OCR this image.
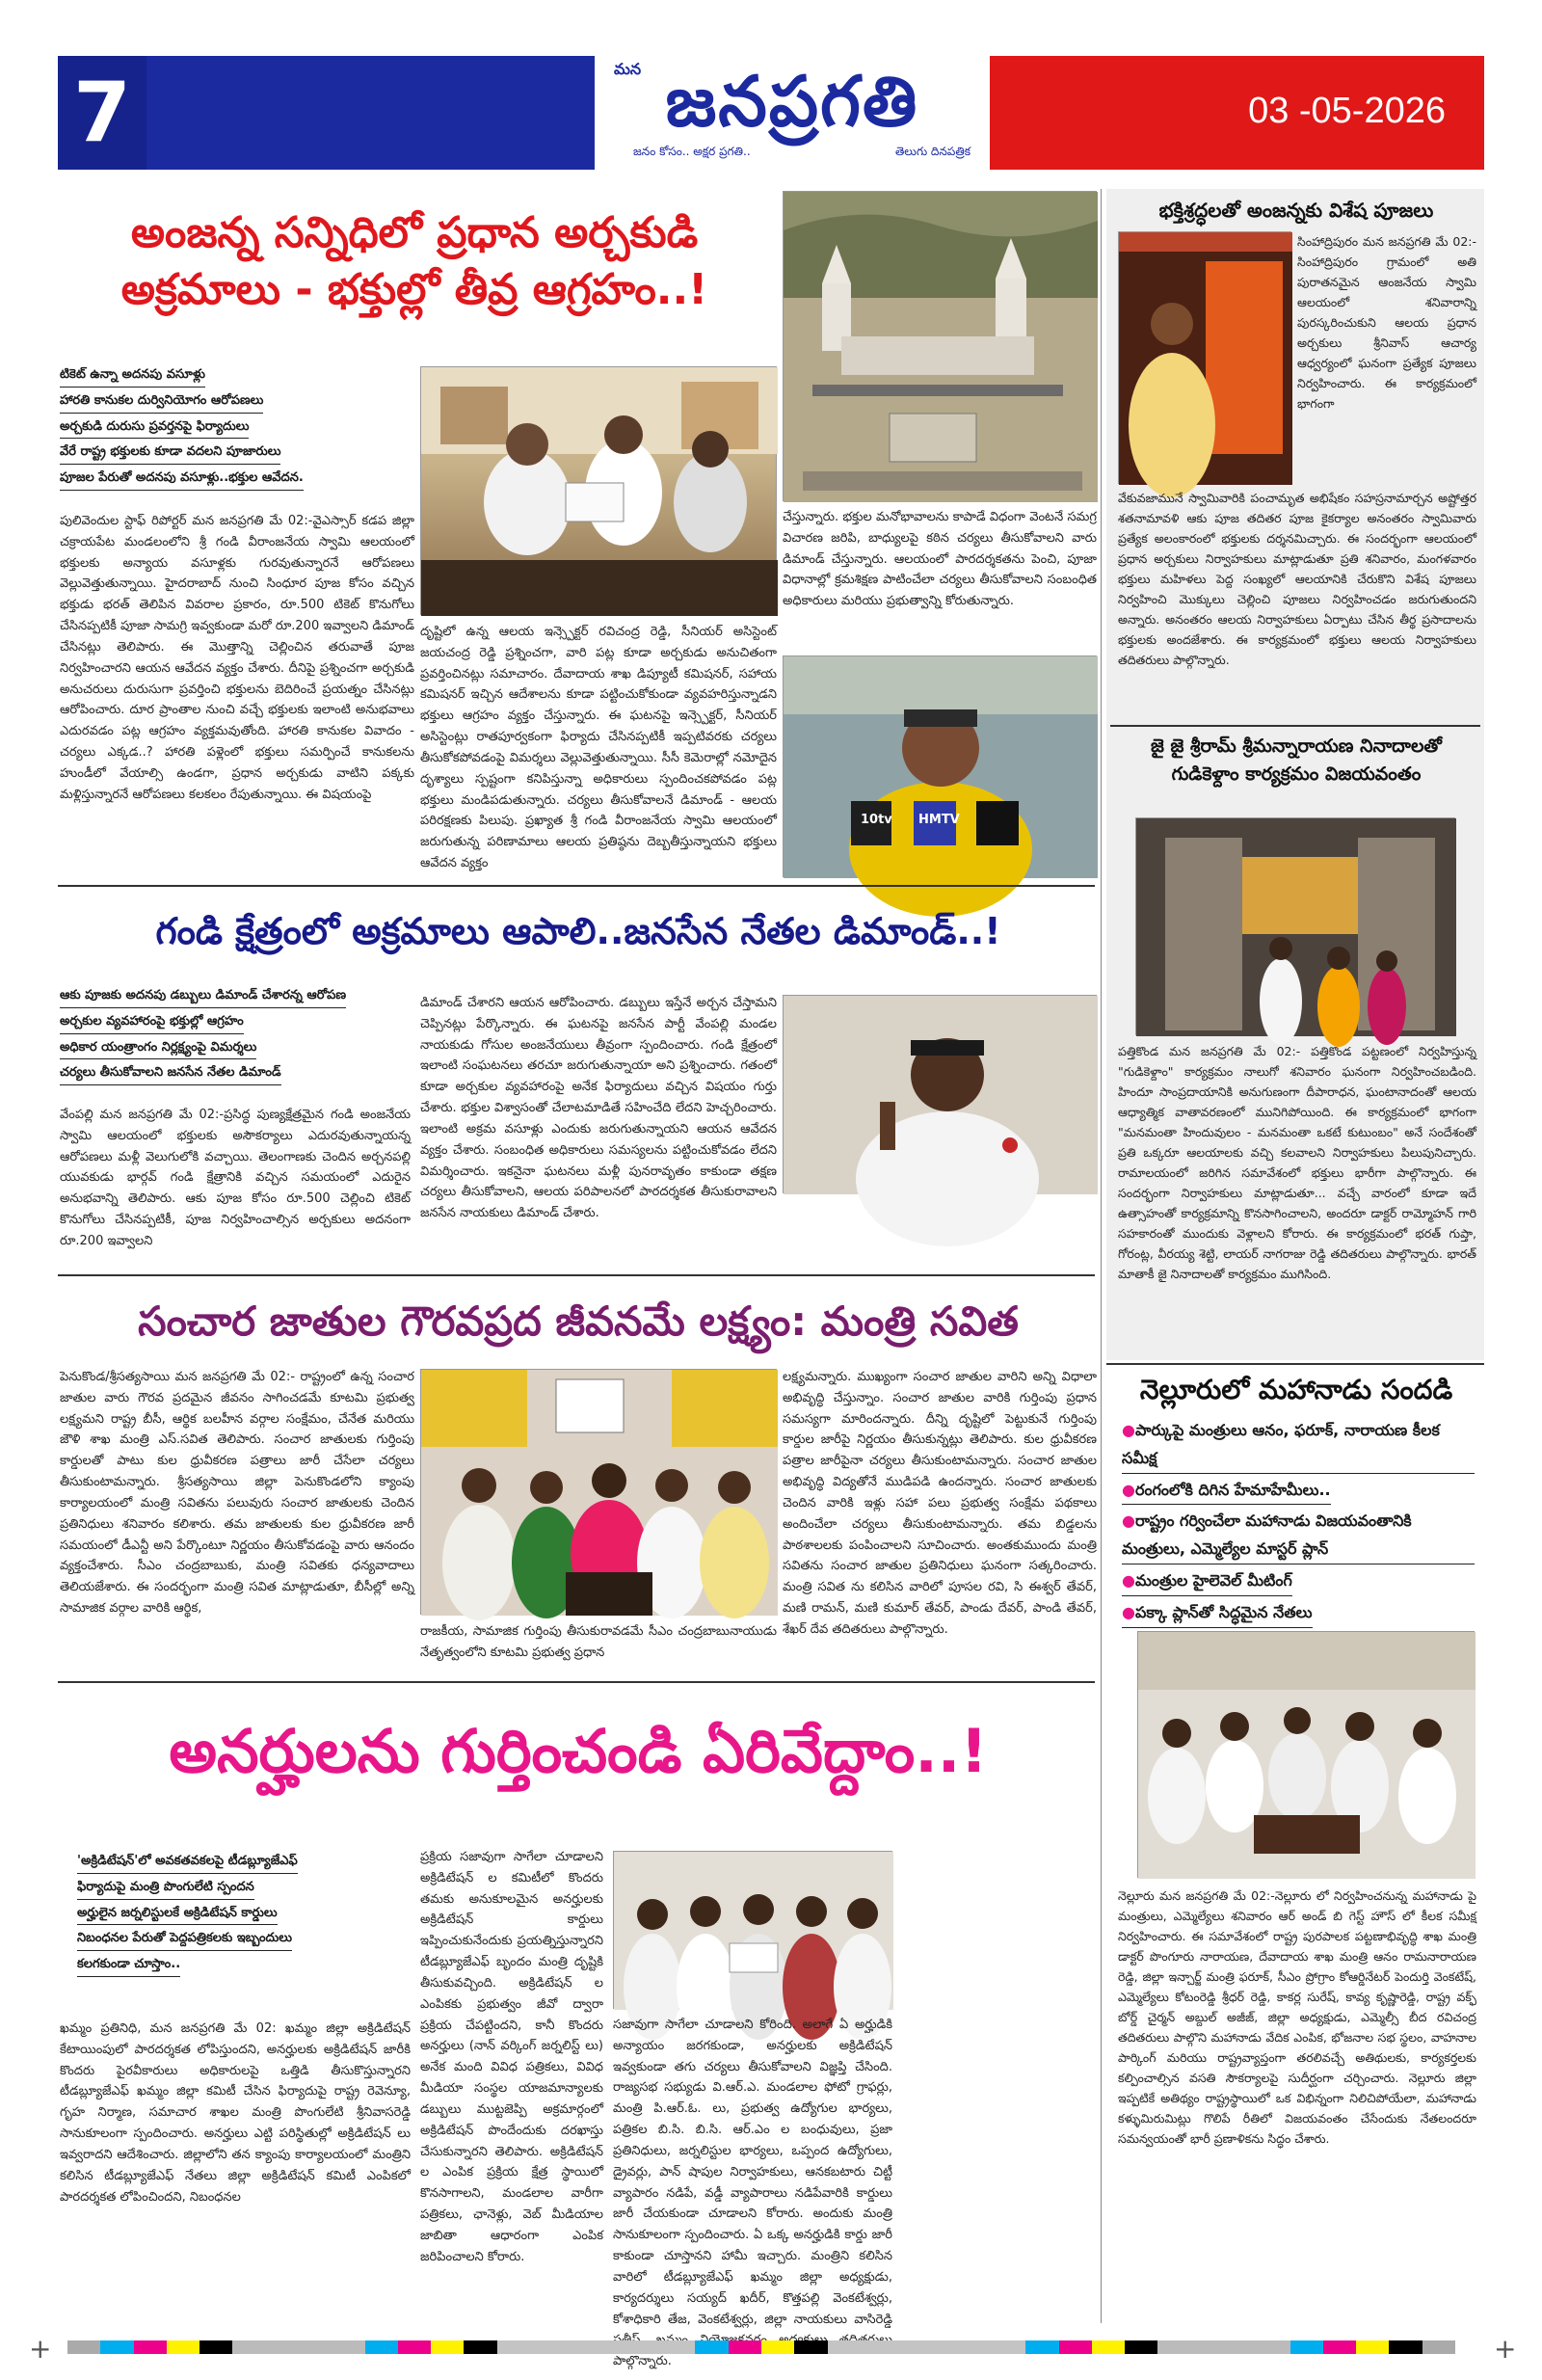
7	మన జనప్రగతి
జనం కోసం.. అక్షర ప్రగతి..	తెలుగు దినపత్రిక
03 -05-2026
అంజన్న సన్నిధిలో ప్రధాన అర్చకుడి
అక్రమాలు - భక్తుల్లో తీవ్ర ఆగ్రహం..!
టికెట్ ఉన్నా అదనపు వసూళ్లు
హారతి కానుకల దుర్వినియోగం ఆరోపణలు
అర్చకుడి దురుసు ప్రవర్తనపై ఫిర్యాదులు
వేరే రాష్ట్ర భక్తులకు కూడా వదలని పూజారులు
పూజల పేరుతో అదనపు వసూళ్లు..భక్తుల ఆవేదన.
పులివెందుల స్టాఫ్ రిపోర్టర్ మన జనప్రగతి మే 02:-వైఎస్సార్ కడప జిల్లా చక్రాయపేట మండలంలోని శ్రీ గండి వీరాంజనేయ స్వామి ఆలయంలో భక్తులకు అన్యాయ వసూళ్లకు గురవుతున్నారనే ఆరోపణలు వెల్లువెత్తుతున్నాయి. హైదరాబాద్ నుంచి సింధూర పూజ కోసం వచ్చిన భక్తుడు భరత్ తెలిపిన వివరాల ప్రకారం, రూ.500 టికెట్ కొనుగోలు చేసినప్పటికీ పూజా సామగ్రి ఇవ్వకుండా మరో రూ.200 ఇవ్వాలని డిమాండ్ చేసినట్లు తెలిపారు. ఈ మొత్తాన్ని చెల్లించిన తరువాతే పూజ నిర్వహించారని ఆయన ఆవేదన వ్యక్తం చేశారు. దీనిపై ప్రశ్నించగా అర్చకుడి అనుచరులు దురుసుగా ప్రవర్తించి భక్తులను బెదిరించే ప్రయత్నం చేసినట్లు ఆరోపించారు. దూర ప్రాంతాల నుంచి వచ్చే భక్తులకు ఇలాంటి అనుభవాలు ఎదురవడం పట్ల ఆగ్రహం వ్యక్తమవుతోంది. హారతి కానుకల వివాదం - చర్యలు ఎక్కడ..? హారతి పళ్లెంలో భక్తులు సమర్పించే కానుకలను హుండీలో వేయాల్సి ఉండగా, ప్రధాన అర్చకుడు వాటిని పక్కకు మళ్లిస్తున్నారనే ఆరోపణలు కలకలం రేపుతున్నాయి. ఈ విషయంపై
దృష్టిలో ఉన్న ఆలయ ఇన్స్పెక్టర్ రవిచంద్ర రెడ్డి, సీనియర్ అసిస్టెంట్ జయచంద్ర రెడ్డి ప్రశ్నించగా, వారి పట్ల కూడా అర్చకుడు అనుచితంగా ప్రవర్తించినట్లు సమాచారం. దేవాదాయ శాఖ డిప్యూటీ కమిషనర్, సహాయ కమిషనర్ ఇచ్చిన ఆదేశాలను కూడా పట్టించుకోకుండా వ్యవహరిస్తున్నాడని భక్తులు ఆగ్రహం వ్యక్తం చేస్తున్నారు. ఈ ఘటనపై ఇన్స్పెక్టర్, సీనియర్ అసిస్టెంట్లు రాతపూర్వకంగా ఫిర్యాదు చేసినప్పటికీ ఇప్పటివరకు చర్యలు తీసుకోకపోవడంపై విమర్శలు వెల్లువెత్తుతున్నాయి. సీసీ కెమెరాల్లో నమోదైన దృశ్యాలు స్పష్టంగా కనిపిస్తున్నా అధికారులు స్పందించకపోవడం పట్ల భక్తులు మండిపడుతున్నారు. చర్యలు తీసుకోవాలనే డిమాండ్ - ఆలయ పరిరక్షణకు పిలుపు. ప్రఖ్యాత శ్రీ గండి వీరాంజనేయ స్వామి ఆలయంలో జరుగుతున్న పరిణామాలు ఆలయ ప్రతిష్ఠను దెబ్బతీస్తున్నాయని భక్తులు ఆవేదన వ్యక్తం
చేస్తున్నారు. భక్తుల మనోభావాలను కాపాడే విధంగా వెంటనే సమగ్ర విచారణ జరిపి, బాధ్యులపై కఠిన చర్యలు తీసుకోవాలని వారు డిమాండ్ చేస్తున్నారు. ఆలయంలో పారదర్శకతను పెంచి, పూజా విధానాల్లో క్రమశిక్షణ పాటించేలా చర్యలు తీసుకోవాలని సంబంధిత అధికారులు మరియు ప్రభుత్వాన్ని కోరుతున్నారు.
10tv HMTV
గండి క్షేత్రంలో అక్రమాలు ఆపాలి..జనసేన నేతల డిమాండ్..!
ఆకు పూజకు అదనపు డబ్బులు డిమాండ్ చేశారన్న ఆరోపణ
అర్చకుల వ్యవహారంపై భక్తుల్లో ఆగ్రహం
అధికార యంత్రాంగం నిర్లక్ష్యంపై విమర్శలు
చర్యలు తీసుకోవాలని జనసేన నేతల డిమాండ్
వేంపల్లి మన జనప్రగతి మే 02:-ప్రసిద్ధ పుణ్యక్షేత్రమైన గండి అంజనేయ స్వామి ఆలయంలో భక్తులకు అసౌకర్యాలు ఎదురవుతున్నాయన్న ఆరోపణలు మళ్లీ వెలుగులోకి వచ్చాయి. తెలంగాణకు చెందిన అర్చనపల్లి యువకుడు భార్గవ్ గండి క్షేత్రానికి వచ్చిన సమయంలో ఎదురైన అనుభవాన్ని తెలిపారు. ఆకు పూజ కోసం రూ.500 చెల్లించి టికెట్ కొనుగోలు చేసినప్పటికీ, పూజ నిర్వహించాల్సిన అర్చకులు అదనంగా రూ.200 ఇవ్వాలని
డిమాండ్ చేశారని ఆయన ఆరోపించారు. డబ్బులు ఇస్తేనే అర్చన చేస్తామని చెప్పినట్లు పేర్కొన్నారు. ఈ ఘటనపై జనసేన పార్టీ వేంపల్లి మండల నాయకుడు గోసుల అంజనేయులు తీవ్రంగా స్పందించారు. గండి క్షేత్రంలో ఇలాంటి సంఘటనలు తరచూ జరుగుతున్నాయా అని ప్రశ్నించారు. గతంలో కూడా అర్చకుల వ్యవహారంపై అనేక ఫిర్యాదులు వచ్చిన విషయం గుర్తు చేశారు. భక్తుల విశ్వాసంతో చేలాటమాడితే సహించేది లేదని హెచ్చరించారు. ఇలాంటి అక్రమ వసూళ్లు ఎందుకు జరుగుతున్నాయని ఆయన ఆవేదన వ్యక్తం చేశారు. సంబంధిత అధికారులు సమస్యలను పట్టించుకోవడం లేదని విమర్శించారు. ఇకనైనా ఘటనలు మళ్లీ పునరావృతం కాకుండా తక్షణ చర్యలు తీసుకోవాలని, ఆలయ పరిపాలనలో పారదర్శకత తీసుకురావాలని జనసేన నాయకులు డిమాండ్ చేశారు.
సంచార జాతుల గౌరవప్రద జీవనమే లక్ష్యం: మంత్రి సవిత
పెనుకొండ/శ్రీసత్యసాయి మన జనప్రగతి మే 02:- రాష్ట్రంలో ఉన్న సంచార జాతుల వారు గౌరవ ప్రదమైన జీవనం సాగించడమే కూటమి ప్రభుత్వ లక్ష్యమని రాష్ట్ర బీసీ, ఆర్థిక బలహీన వర్గాల సంక్షేమం, చేనేత మరియు జౌళి శాఖ మంత్రి ఎస్.సవిత తెలిపారు. సంచార జాతులకు గుర్తింపు కార్డులతో పాటు కుల ధ్రువీకరణ పత్రాలు జారీ చేసేలా చర్యలు తీసుకుంటామన్నారు. శ్రీసత్యసాయి జిల్లా పెనుకొండలోని క్యాంపు కార్యాలయంలో మంత్రి సవితను పలువురు సంచార జాతులకు చెందిన ప్రతినిధులు శనివారం కలిశారు. తమ జాతులకు కుల ధ్రువీకరణ జారీ సమయంలో డీఎన్టీ అని పేర్కొంటూ నిర్ణయం తీసుకోవడంపై వారు ఆనందం వ్యక్తంచేశారు. సీఎం చంద్రబాబుకు, మంత్రి సవితకు ధన్యవాదాలు తెలియజేశారు. ఈ సందర్భంగా మంత్రి సవిత మాట్లాడుతూ, బీసీల్లో అన్ని సామాజిక వర్గాల వారికి ఆర్థిక,
రాజకీయ, సామాజిక గుర్తింపు తీసుకురావడమే సీఎం చంద్రబాబునాయుడు నేతృత్వంలోని కూటమి ప్రభుత్వ ప్రధాన
లక్ష్యమన్నారు. ముఖ్యంగా సంచార జాతుల వారిని అన్ని విధాలా అభివృద్ధి చేస్తున్నాం. సంచార జాతుల వారికి గుర్తింపు ప్రధాన సమస్యగా మారిందన్నారు. దీన్ని దృష్టిలో పెట్టుకునే గుర్తింపు కార్డుల జారీపై నిర్ణయం తీసుకున్నట్లు తెలిపారు. కుల ధ్రువీకరణ పత్రాల జారీపైనా చర్యలు తీసుకుంటామన్నారు. సంచార జాతుల అభివృద్ధి విద్యతోనే ముడిపడి ఉందన్నారు. సంచార జాతులకు చెందిన వారికి ఇళ్లు సహా పలు ప్రభుత్వ సంక్షేమ పథకాలు అందించేలా చర్యలు తీసుకుంటామన్నారు. తమ బిడ్డలను పాఠశాలలకు పంపించాలని సూచించారు. అంతకుముందు మంత్రి సవితను సంచార జాతుల ప్రతినిధులు ఘనంగా సత్కరించారు. మంత్రి సవిత ను కలిసిన వారిలో పూసల రవి, సి ఈశ్వర్ తేవర్, మణి రామన్, మణి కుమార్ తేవర్, పాండు దేవర్, పాండి తేవర్, శేఖర్ దేవ తదితరులు పాల్గొన్నారు.
అనర్హులను గుర్తించండి ఏరివేద్దాం..!
'అక్రిడిటేషన్'లో అవకతవకలపై టీడబ్ల్యూజేఎఫ్
ఫిర్యాదుపై మంత్రి పొంగులేటి స్పందన
అర్హులైన జర్నలిస్టులకే అక్రిడిటేషన్ కార్డులు
నిబంధనల పేరుతో పెద్దపత్రికలకు ఇబ్బందులు
కలగకుండా చూస్తాం..
ఖమ్మం ప్రతినిధి, మన జనప్రగతి మే 02: ఖమ్మం జిల్లా అక్రిడిటేషన్ కేటాయింపులో పారదర్శకత లోపిస్తుందని, అనర్హులకు అక్రిడిటేషన్ జారీకి కొందరు పైరవీకారులు అధికారులపై ఒత్తిడి తీసుకొస్తున్నారని టీడబ్ల్యూజేఎఫ్ ఖమ్మం జిల్లా కమిటీ చేసిన ఫిర్యాదుపై రాష్ట్ర రెవెన్యూ, గృహ నిర్మాణ, సమాచార శాఖల మంత్రి పొంగులేటి శ్రీనివాసరెడ్డి సానుకూలంగా స్పందించారు. అనర్హులు ఎట్టి పరిస్థితుల్లో అక్రిడిటేషన్ లు ఇవ్వరాదని ఆదేశించారు. జిల్లాలోని తన క్యాంపు కార్యాలయంలో మంత్రిని కలిసిన టీడబ్ల్యూజేఎఫ్ నేతలు జిల్లా అక్రిడిటేషన్ కమిటీ ఎంపికలో పారదర్శకత లోపించిందని, నిబంధనల
ప్రక్రియ సజావుగా సాగేలా చూడాలని అక్రిడిటేషన్ ల కమిటీలో కొందరు తమకు అనుకూలమైన అనర్హులకు అక్రిడిటేషన్ కార్డులు ఇప్పించుకునేందుకు ప్రయత్నిస్తున్నారని టీడబ్ల్యూజేఎఫ్ బృందం మంత్రి దృష్టికి తీసుకువచ్చింది. అక్రిడిటేషన్ ల ఎంపికకు ప్రభుత్వం జీవో ద్వారా ప్రక్రియ చేపట్టిందని, కానీ కొందరు అనర్హులు (నాన్ వర్కింగ్ జర్నలిస్ట్ లు) అనేక మంది వివిధ పత్రికలు, వివిధ మీడియా సంస్థల యాజమాన్యాలకు డబ్బులు ముట్టజెప్పి అక్రమార్గంలో అక్రిడిటేషన్ పొందేందుకు దరఖాస్తు చేసుకున్నారని తెలిపారు. అక్రిడిటేషన్ ల ఎంపిక ప్రక్రియ క్షేత్ర స్థాయిలో కొనసాగాలని, మండలాల వారీగా పత్రికలు, ఛానెళ్లు, వెబ్ మీడియాల జాబితా ఆధారంగా ఎంపిక జరిపించాలని కోరారు.
సజావుగా సాగేలా చూడాలని కోరింది. అలాగే ఏ అర్హుడికి అన్యాయం జరగకుండా, అనర్హులకు అక్రిడిటేషన్ ఇవ్వకుండా తగు చర్యలు తీసుకోవాలని విజ్ఞప్తి చేసింది. రాజ్యసభ సభ్యుడు వి.ఆర్.ఎ. మండలాల ఫోటో గ్రాఫర్లు, మంత్రి పి.ఆర్.ఓ. లు, ప్రభుత్వ ఉద్యోగుల భార్యలు, పత్రికల బి.సి. బి.సి. ఆర్.ఎం ల బంధువులు, ప్రజా ప్రతినిధులు, జర్నలిస్టుల భార్యలు, ఒప్పంద ఉద్యోగులు, డ్రైవర్లు, పాన్ షాపుల నిర్వాహకులు, ఆనకబటారు చిట్టీ వ్యాపారం నడిపే, వడ్డీ వ్యాపారాలు నడిపేవారికి కార్డులు జారీ చేయకుండా చూడాలని కోరారు. అందుకు మంత్రి సానుకూలంగా స్పందించారు. ఏ ఒక్క అనర్హుడికి కార్డు జారీ కాకుండా చూస్తానని హామీ ఇచ్చారు. మంత్రిని కలిసిన వారిలో టీడబ్ల్యూజేఎఫ్ ఖమ్మం జిల్లా అధ్యక్షుడు, కార్యదర్శులు సయ్యద్ ఖదీర్, కొత్తపల్లి వెంకటేశ్వర్లు, కోశాధికారి తేజ, వెంకటేశ్వర్లు, జిల్లా నాయకులు వాసిరెడ్డి పాల్గొన్నారు.
భక్తిశ్రద్ధలతో అంజన్నకు విశేష పూజలు
సింహాద్రిపురం మన జనప్రగతి మే 02:- సింహాద్రిపురం గ్రామంలో అతి పురాతనమైన ఆంజనేయ స్వామి ఆలయంలో శనివారాన్ని పురస్కరించుకుని ఆలయ ప్రధాన అర్చకులు శ్రీనివాస్ ఆచార్య ఆధ్వర్యంలో ఘనంగా ప్రత్యేక పూజలు నిర్వహించారు. ఈ కార్యక్రమంలో భాగంగా
వేకువజామునే స్వామివారికి పంచామృత అభిషేకం సహస్రనామార్చన అష్టోత్తర శతనామావళి ఆకు పూజ తదితర పూజ కైకర్యాల అనంతరం స్వామివారు ప్రత్యేక అలంకారంలో భక్తులకు దర్శనమిచ్చారు. ఈ సందర్భంగా ఆలయంలో ప్రధాన అర్చకులు నిర్వాహకులు మాట్లాడుతూ ప్రతి శనివారం, మంగళవారం భక్తులు మహిళలు పెద్ద సంఖ్యలో ఆలయానికి చేరుకొని విశేష పూజలు నిర్వహించి మొక్కులు చెల్లించి పూజలు నిర్వహించడం జరుగుతుందని అన్నారు. అనంతరం ఆలయ నిర్వాహకులు ఏర్పాటు చేసిన తీర్థ ప్రసాదాలను భక్తులకు అందజేశారు. ఈ కార్యక్రమంలో భక్తులు ఆలయ నిర్వాహకులు తదితరులు పాల్గొన్నారు.
జై జై శ్రీరామ్ శ్రీమన్నారాయణ నినాదాలతో
గుడికెళ్దాం కార్యక్రమం విజయవంతం
పత్తికొండ మన జనప్రగతి మే 02:- పత్తికొండ పట్టణంలో నిర్వహిస్తున్న "గుడికెళ్దాం" కార్యక్రమం నాలుగో శనివారం ఘనంగా నిర్వహించబడింది. హిందూ సాంప్రదాయానికి అనుగుణంగా దీపారాధన, ఘంటానాదంతో ఆలయ ఆధ్యాత్మిక వాతావరణంలో మునిగిపోయింది. ఈ కార్యక్రమంలో భాగంగా "మనమంతా హిందువులం - మనమంతా ఒకటే కుటుంబం" అనే సందేశంతో ప్రతి ఒక్కరూ ఆలయాలకు వచ్చి కలవాలని నిర్వాహకులు పిలుపునిచ్చారు. రామాలయంలో జరిగిన సమావేశంలో భక్తులు భారీగా పాల్గొన్నారు. ఈ సందర్భంగా నిర్వాహకులు మాట్లాడుతూ... వచ్చే వారంలో కూడా ఇదే ఉత్సాహంతో కార్యక్రమాన్ని కొనసాగించాలని, అందరూ డాక్టర్ రామ్మోహన్ గారి సహకారంతో ముందుకు వెళ్లాలని కోరారు. ఈ కార్యక్రమంలో భరత్ గుప్తా, గోరంట్ల, వీరయ్య శెట్టి, లాయర్ నాగరాజు రెడ్డి తదితరులు పాల్గొన్నారు. భారత్ మాతాకీ జై నినాదాలతో కార్యక్రమం ముగిసింది.
నెల్లూరులో మహానాడు సందడి
●పార్కుపై మంత్రులు ఆనం, ఫరూక్, నారాయణ కీలక సమీక్ష
●రంగంలోకి దిగిన హేమాహేమీలు..
●రాష్ట్రం గర్వించేలా మహానాడు విజయవంతానికి మంత్రులు, ఎమ్మెల్యేల మాస్టర్ ప్లాన్
●మంత్రుల హైలెవెల్ మీటింగ్
●పక్కా ప్లాన్‌తో సిద్ధమైన నేతలు
నెల్లూరు మన జనప్రగతి మే 02:-నెల్లూరు లో నిర్వహించనున్న మహానాడు పై మంత్రులు, ఎమ్మెల్యేలు శనివారం ఆర్ అండ్ బి గెస్ట్ హౌస్ లో కీలక సమీక్ష నిర్వహించారు. ఈ సమావేశంలో రాష్ట్ర పురపాలక పట్టణాభివృద్ధి శాఖ మంత్రి డాక్టర్ పొంగూరు నారాయణ, దేవాదాయ శాఖ మంత్రి ఆనం రామనారాయణ రెడ్డి, జిల్లా ఇన్చార్జ్ మంత్రి ఫరూక్, సీఎం ప్రోగ్రాం కోఆర్డినేటర్ పెందుర్తి వెంకటేష్, ఎమ్మెల్యేలు కోటంరెడ్డి శ్రీధర్ రెడ్డి, కాకర్ల సురేష్, కావ్య కృష్ణారెడ్డి, రాష్ట్ర వక్ఫ్ బోర్డ్ చైర్మన్ అబ్దుల్ అజీజ్, జిల్లా అధ్యక్షుడు, ఎమ్మెల్సీ బీద రవిచంద్ర తదితరులు పాల్గొని మహానాడు వేదిక ఎంపిక, భోజనాల సభ స్థలం, వాహనాల పార్కింగ్ మరియు రాష్ట్రవ్యాప్తంగా తరలివచ్చే అతిథులకు, కార్యకర్తలకు కల్పించాల్సిన వసతి సౌకర్యాలపై సుదీర్ఘంగా చర్చించారు. నెల్లూరు జిల్లా ఇప్పటికే అతిథ్యం రాష్ట్రస్థాయిలో ఒక విభిన్నంగా నిలిచిపోయేలా, మహానాడు కళ్ళుమిరుమిట్లు గొలిపే రీతిలో విజయవంతం చేసేందుకు నేతలందరూ సమన్వయంతో భారీ ప్రణాళికను సిద్ధం చేశారు.
+	+
